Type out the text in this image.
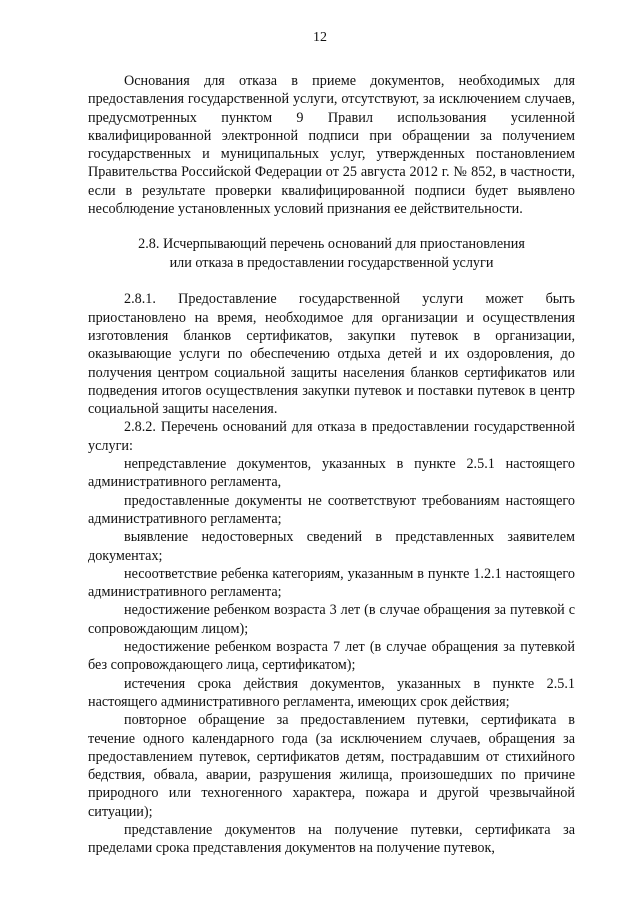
12

Основания для отказа в приеме документов, необходимых для предоставления государственной услуги, отсутствуют, за исключением случаев, предусмотренных пунктом 9 Правил использования усиленной квалифицированной электронной подписи при обращении за получением государственных и муниципальных услуг, утвержденных постановлением Правительства Российской Федерации от 25 августа 2012 г. № 852, в частности, если в результате проверки квалифицированной подписи будет выявлено несоблюдение установленных условий признания ее действительности.

2.8. Исчерпывающий перечень оснований для приостановления
или отказа в предоставлении государственной услуги

2.8.1. Предоставление государственной услуги может быть приостановлено на время, необходимое для организации и осуществления изготовления бланков сертификатов, закупки путевок в организации, оказывающие услуги по обеспечению отдыха детей и их оздоровления, до получения центром социальной защиты населения бланков сертификатов или подведения итогов осуществления закупки путевок и поставки путевок в центр социальной защиты населения.

2.8.2. Перечень оснований для отказа в предоставлении государственной услуги:

непредставление документов, указанных в пункте 2.5.1 настоящего административного регламента,

предоставленные документы не соответствуют требованиям настоящего административного регламента;

выявление недостоверных сведений в представленных заявителем документах;

несоответствие ребенка категориям, указанным в пункте 1.2.1 настоящего административного регламента;

недостижение ребенком возраста 3 лет (в случае обращения за путевкой с сопровождающим лицом);

недостижение ребенком возраста 7 лет (в случае обращения за путевкой без сопровождающего лица, сертификатом);

истечения срока действия документов, указанных в пункте 2.5.1 настоящего административного регламента, имеющих срок действия;

повторное обращение за предоставлением путевки, сертификата в течение одного календарного года (за исключением случаев, обращения за предоставлением путевок, сертификатов детям, пострадавшим от стихийного бедствия, обвала, аварии, разрушения жилища, произошедших по причине природного или техногенного характера, пожара и другой чрезвычайной ситуации);

представление документов на получение путевки, сертификата за пределами срока представления документов на получение путевок,
